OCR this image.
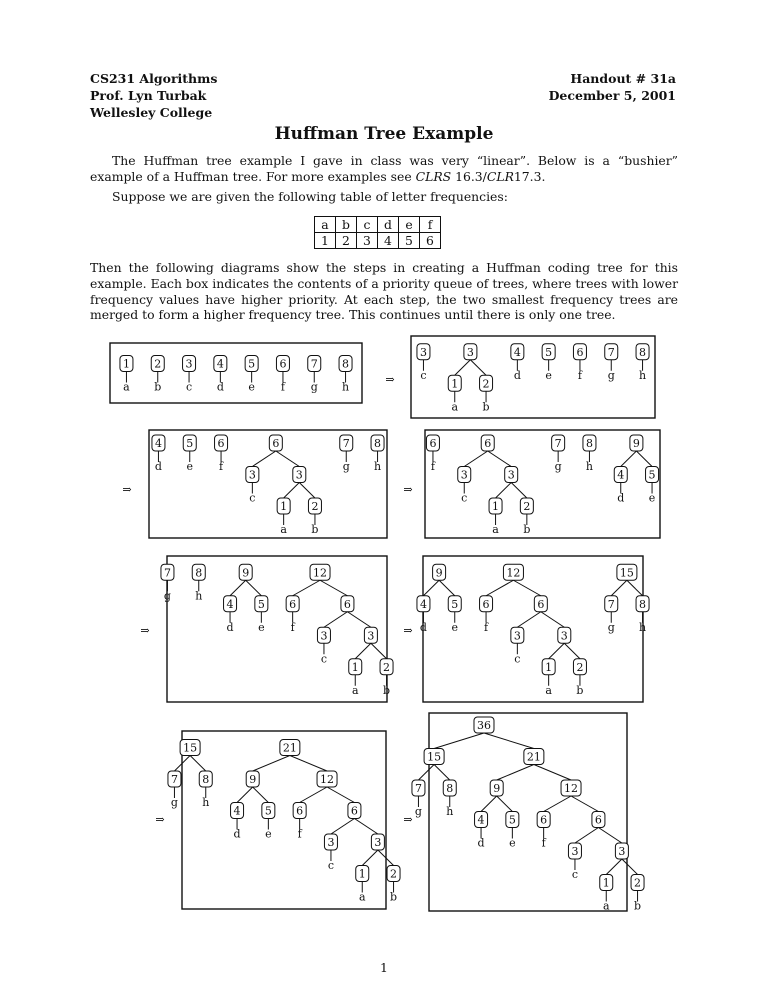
CS231 Algorithms
Prof. Lyn Turbak
Wellesley College
Handout # 31a
December 5, 2001
Huffman Tree Example
The Huffman tree example I gave in class was very “linear”. Below is a “bushier” example of a Huffman tree. For more examples see CLRS 16.3/CLR17.3.
Suppose we are given the following table of letter frequencies:
a	b	c	d	e	f
1	2	3	4	5	6
Then the following diagrams show the steps in creating a Huffman coding tree for this example. Each box indicates the contents of a priority queue of trees, where trees with lower frequency values have higher priority. At each step, the two smallest frequency trees are merged to form a higher frequency tree. This continues until there is only one tree.
a
1
b
2
c
3
d
4
e
5
f
6
g
7
h
8
⇒ c
3
a
1
b
2
3
d
4
e
5
f
6
g
7
h
8
⇒
d
4
e
5
f
6
c
3
a
1
b
2
3
6
g
7
h
8
⇒
f
6
c
3
a
1
b
2
3
6
g
7
h
8
d
4
e
5
9
⇒
g
7
h
8
d
4
e
5
9
f
6
c
3
a
1
b
2
3
6
12
⇒ d
4
e
5
9
f
6
c
3
a
1
b
2
3
6
12
g
7
h
8
15
⇒
g
7
h
8
15
d
4
e
5
9
f
6
c
3
a
1
b
2
3
6
12
21
⇒
g
7
h
8
15
d
4
e
5
9
f
6
c
3
a
1
b
2
3
6
12
21
36
1
